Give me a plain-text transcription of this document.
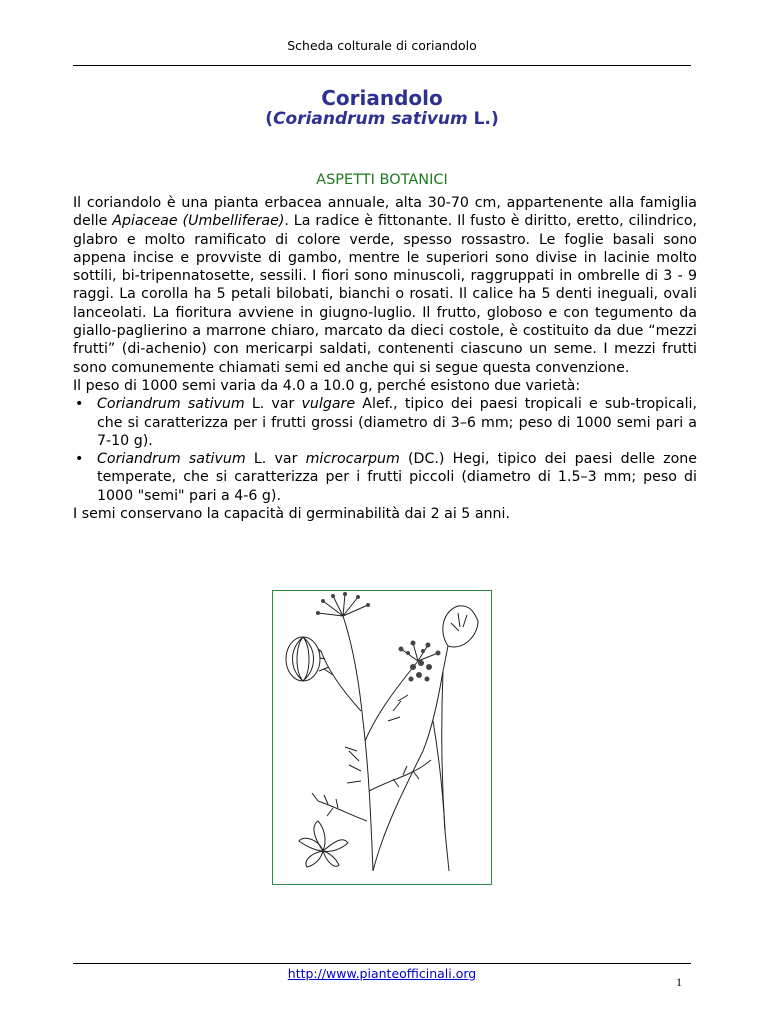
Scheda colturale di coriandolo
Coriandolo
(Coriandrum sativum L.)
ASPETTI BOTANICI

Il coriandolo è una pianta erbacea annuale, alta 30-70 cm, appartenente alla famiglia delle Apiaceae (Umbelliferae). La radice è fittonante. Il fusto è diritto, eretto, cilindrico, glabro e molto ramificato di colore verde, spesso rossastro. Le foglie basali sono appena incise e provviste di gambo, mentre le superiori sono divise in lacinie molto sottili, bi-tripennatosette, sessili. I fiori sono minuscoli, raggruppati in ombrelle di 3 - 9 raggi. La corolla ha 5 petali bilobati, bianchi o rosati. Il calice ha 5 denti ineguali, ovali lanceolati. La fioritura avviene in giugno-luglio. Il frutto, globoso e con tegumento da giallo-paglierino a marrone chiaro, marcato da dieci costole, è costituito da due “mezzi frutti” (di-achenio) con mericarpi saldati, contenenti ciascuno un seme. I mezzi frutti sono comunemente chiamati semi ed anche qui si segue questa convenzione.

Il peso di 1000 semi varia da 4.0 a 10.0 g, perché esistono due varietà:

• Coriandrum sativum L. var vulgare Alef., tipico dei paesi tropicali e sub-tropicali, che si caratterizza per i frutti grossi (diametro di 3–6 mm; peso di 1000 semi pari a 7-10 g).
• Coriandrum sativum L. var microcarpum (DC.) Hegi, tipico dei paesi delle zone temperate, che si caratterizza per i frutti piccoli (diametro di 1.5–3 mm; peso di 1000 "semi" pari a 4-6 g).

I semi conservano la capacità di germinabilità dai 2 ai 5 anni.

http://www.pianteofficinali.org
1
